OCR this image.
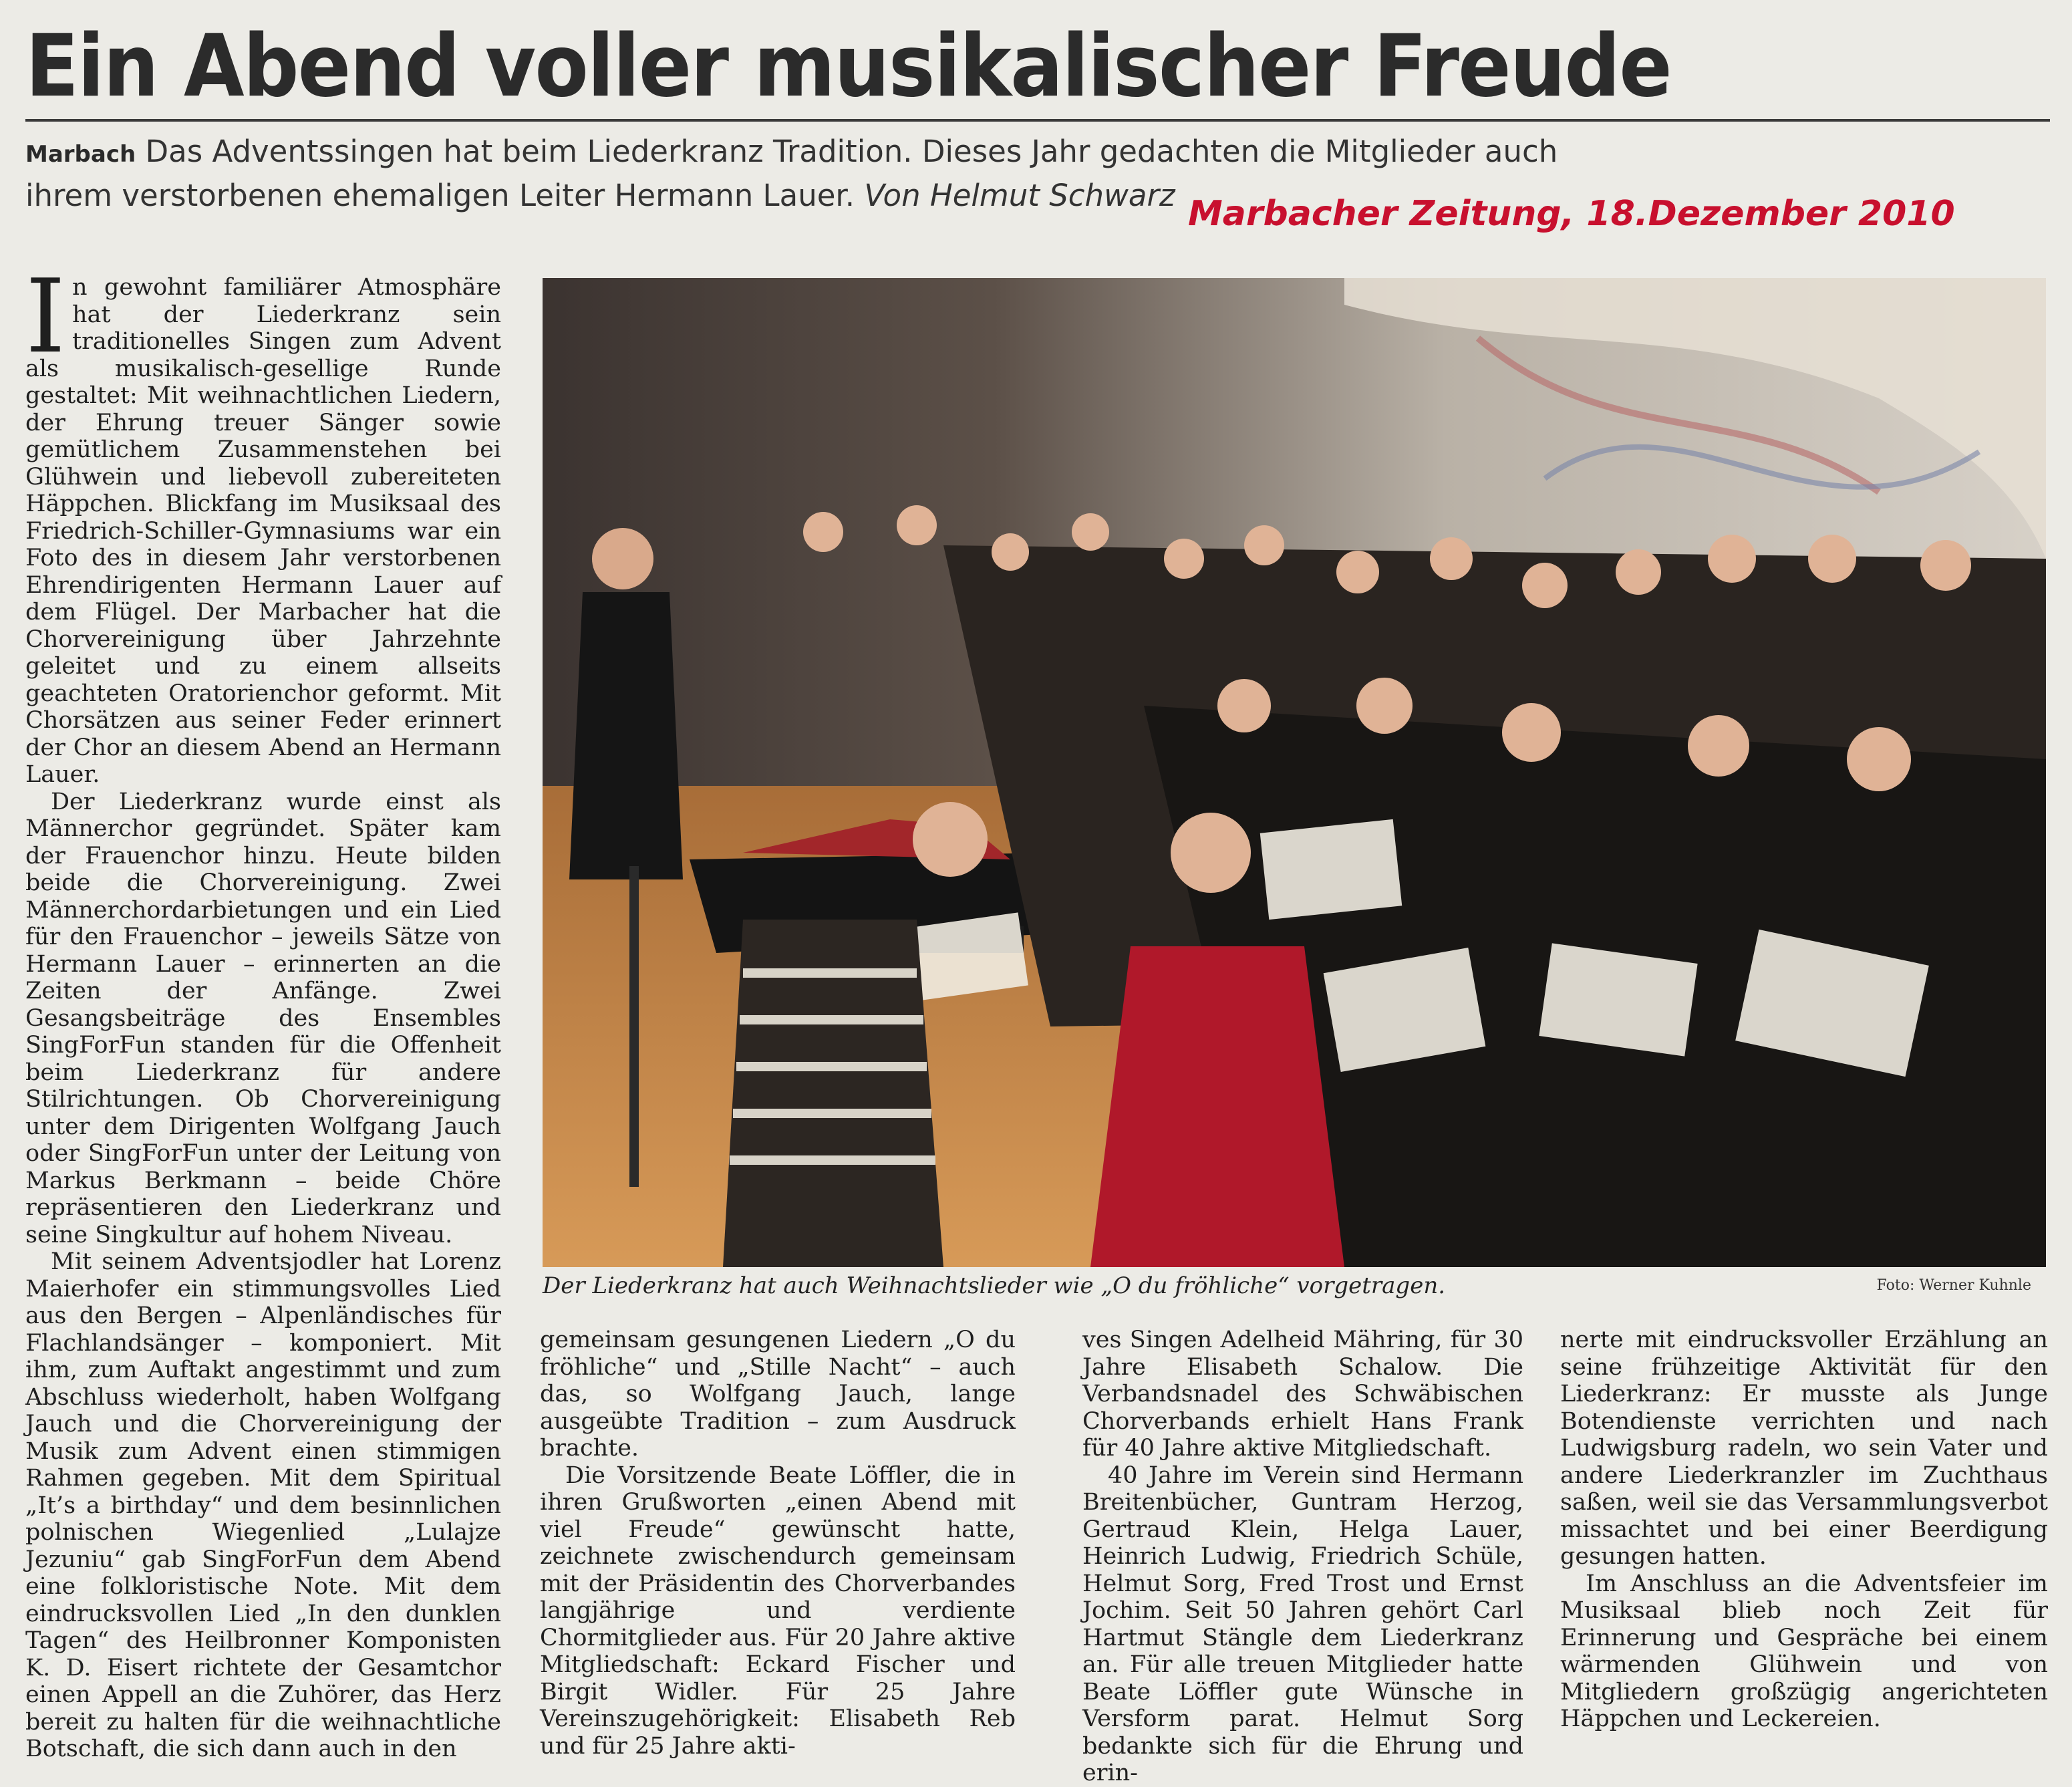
Ein Abend voller musikalischer Freude

Marbach Das Adventssingen hat beim Liederkranz Tradition. Dieses Jahr gedachten die Mitglieder auch ihrem verstorbenen ehemaligen Leiter Hermann Lauer. Von Helmut Schwarz Marbacher Zeitung, 18.Dezember 2010

In gewohnt familiärer Atmosphäre hat der Liederkranz sein traditionelles Singen zum Advent als musikalisch-gesellige Runde gestaltet: Mit weihnachtlichen Liedern, der Ehrung treuer Sänger sowie gemütlichem Zusammenstehen bei Glühwein und liebevoll zubereiteten Häppchen. Blickfang im Musiksaal des Friedrich-Schiller-Gymnasiums war ein Foto des in diesem Jahr verstorbenen Ehrendirigenten Hermann Lauer auf dem Flügel. Der Marbacher hat die Chorvereinigung über Jahrzehnte geleitet und zu einem allseits geachteten Oratorienchor geformt. Mit Chorsätzen aus seiner Feder erinnert der Chor an diesem Abend an Hermann Lauer.

Der Liederkranz wurde einst als Männerchor gegründet. Später kam der Frauenchor hinzu. Heute bilden beide die Chorvereinigung. Zwei Männerchordarbietungen und ein Lied für den Frauenchor – jeweils Sätze von Hermann Lauer – erinnerten an die Zeiten der Anfänge. Zwei Gesangsbeiträge des Ensembles SingForFun standen für die Offenheit beim Liederkranz für andere Stilrichtungen. Ob Chorvereinigung unter dem Dirigenten Wolfgang Jauch oder SingForFun unter der Leitung von Markus Berkmann – beide Chöre repräsentieren den Liederkranz und seine Singkultur auf hohem Niveau.

Mit seinem Adventsjodler hat Lorenz Maierhofer ein stimmungsvolles Lied aus den Bergen – Alpenländisches für Flachlandsänger – komponiert. Mit ihm, zum Auftakt angestimmt und zum Abschluss wiederholt, haben Wolfgang Jauch und die Chorvereinigung der Musik zum Advent einen stimmigen Rahmen gegeben. Mit dem Spiritual „It’s a birthday“ und dem besinnlichen polnischen Wiegenlied „Lulajze Jezuniu“ gab SingForFun dem Abend eine folkloristische Note. Mit dem eindrucksvollen Lied „In den dunklen Tagen“ des Heilbronner Komponisten K. D. Eisert richtete der Gesamtchor einen Appell an die Zuhörer, das Herz bereit zu halten für die weihnachtliche Botschaft, die sich dann auch in den

Der Liederkranz hat auch Weihnachtslieder wie „O du fröhliche“ vorgetragen.	Foto: Werner Kuhnle

gemeinsam gesungenen Liedern „O du fröhliche“ und „Stille Nacht“ – auch das, so Wolfgang Jauch, lange ausgeübte Tradition – zum Ausdruck brachte.

Die Vorsitzende Beate Löffler, die in ihren Grußworten „einen Abend mit viel Freude“ gewünscht hatte, zeichnete zwischendurch gemeinsam mit der Präsidentin des Chorverbandes langjährige und verdiente Chormitglieder aus. Für 20 Jahre aktive Mitgliedschaft: Eckard Fischer und Birgit Widler. Für 25 Jahre Vereinszugehörigkeit: Elisabeth Reb und für 25 Jahre akti-

ves Singen Adelheid Mähring, für 30 Jahre Elisabeth Schalow. Die Verbandsnadel des Schwäbischen Chorverbands erhielt Hans Frank für 40 Jahre aktive Mitgliedschaft.

40 Jahre im Verein sind Hermann Breitenbücher, Guntram Herzog, Gertraud Klein, Helga Lauer, Heinrich Ludwig, Friedrich Schüle, Helmut Sorg, Fred Trost und Ernst Jochim. Seit 50 Jahren gehört Carl Hartmut Stängle dem Liederkranz an. Für alle treuen Mitglieder hatte Beate Löffler gute Wünsche in Versform parat. Helmut Sorg bedankte sich für die Ehrung und erin-

nerte mit eindrucksvoller Erzählung an seine frühzeitige Aktivität für den Liederkranz: Er musste als Junge Botendienste verrichten und nach Ludwigsburg radeln, wo sein Vater und andere Liederkranzler im Zuchthaus saßen, weil sie das Versammlungsverbot missachtet und bei einer Beerdigung gesungen hatten.

Im Anschluss an die Adventsfeier im Musiksaal blieb noch Zeit für Erinnerung und Gespräche bei einem wärmenden Glühwein und von Mitgliedern großzügig angerichteten Häppchen und Leckereien.
